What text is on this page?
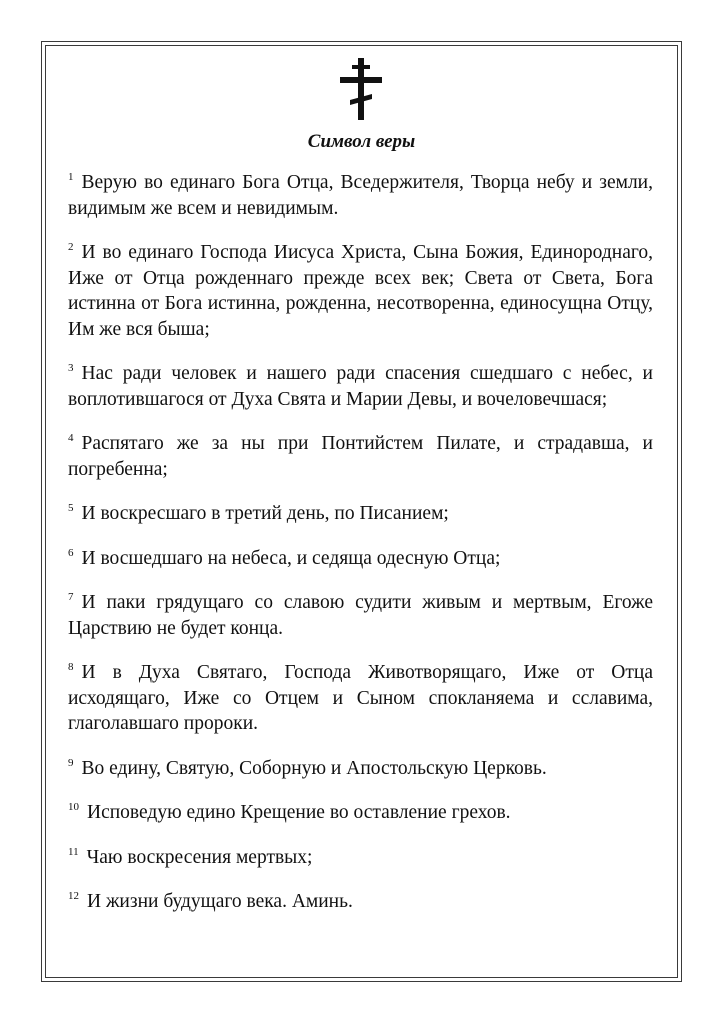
Символ веры

$^1$ Верую во единаго Бога Отца, Вседержителя, Творца небу и земли, видимым же всем и невидимым.

$^2$ И во единаго Господа Иисуса Христа, Сына Божия, Единороднаго, Иже от Отца рожденнаго прежде всех век; Света от Света, Бога истинна от Бога истинна, рожденна, несотворенна, единосущна Отцу, Им же вся быша;

$^3$ Нас ради человек и нашего ради спасения сшедшаго с небес, и воплотившагося от Духа Свята и Марии Девы, и вочеловечшася;

$^4$ Распятаго же за ны при Понтийстем Пилате, и страдавша, и погребенна;

$^5$ И воскресшаго в третий день, по Писанием;

$^6$ И восшедшаго на небеса, и седяща одесную Отца;

$^7$ И паки грядущаго со славою судити живым и мертвым, Егоже Царствию не будет конца.

$^8$ И в Духа Святаго, Господа Животворящаго, Иже от Отца исходящаго, Иже со Отцем и Сыном спокланяема и сславима, глаголавшаго пророки.

$^9$ Во едину, Святую, Соборную и Апостольскую Церковь.

$^{10}$ Исповедую едино Крещение во оставление грехов.

$^{11}$ Чаю воскресения мертвых;

$^{12}$ И жизни будущаго века. Аминь.
